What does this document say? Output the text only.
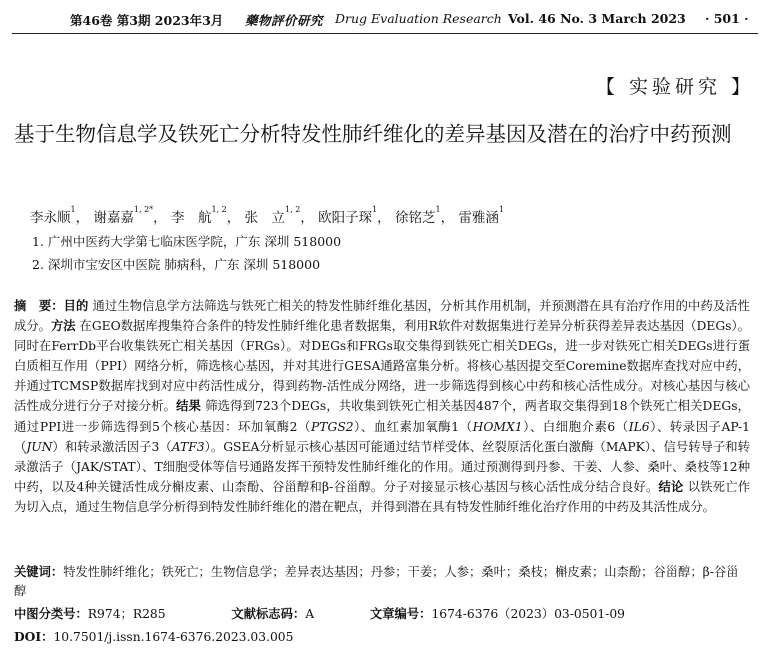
第46卷 第3期 2023年3月 藥物評价研究 Drug Evaluation Research Vol. 46 No. 3 March 2023 · 501 ·
【 实验研究 】
基于生物信息学及铁死亡分析特发性肺纤维化的差异基因及潜在的治疗中药预测
李永顺$^1$， 谢嘉嘉$^{1, 2*}$， 李　航$^{1, 2}$， 张　立$^{1, 2}$， 欧阳子琛$^1$， 徐铭芝$^1$， 雷雅涵$^1$
1. 广州中医药大学第七临床医学院，广东 深圳 518000
2. 深圳市宝安区中医院 肺病科，广东 深圳 518000
摘　要：目的 通过生物信息学方法筛选与铁死亡相关的特发性肺纤维化基因，分析其作用机制，并预测潜在具有治疗作用的中药及活性成分。方法 在GEO数据库搜集符合条件的特发性肺纤维化患者数据集，利用R软件对数据集进行差异分析获得差异表达基因（DEGs）。同时在FerrDb平台收集铁死亡相关基因（FRGs）。对DEGs和FRGs取交集得到铁死亡相关DEGs，进一步对铁死亡相关DEGs进行蛋白质相互作用（PPI）网络分析，筛选核心基因，并对其进行GESA通路富集分析。将核心基因提交至Coremine数据库查找对应中药，并通过TCMSP数据库找到对应中药活性成分，得到药物-活性成分网络，进一步筛选得到核心中药和核心活性成分。对核心基因与核心活性成分进行分子对接分析。结果 筛选得到723个DEGs，共收集到铁死亡相关基因487个，两者取交集得到18个铁死亡相关DEGs，通过PPI进一步筛选得到5个核心基因：环加氧酶2（PTGS2）、血红素加氧酶1（HOMX1）、白细胞介素6（IL6）、转录因子AP-1（JUN）和转录激活因子3（ATF3）。GSEA分析显示核心基因可能通过结节样受体、丝裂原活化蛋白激酶（MAPK）、信号转导子和转录激活子（JAK/STAT）、T细胞受体等信号通路发挥干预特发性肺纤维化的作用。通过预测得到丹参、干姜、人参、桑叶、桑枝等12种中药，以及4种关键活性成分槲皮素、山柰酚、谷甾醇和β-谷甾醇。分子对接显示核心基因与核心活性成分结合良好。结论 以铁死亡作为切入点，通过生物信息学分析得到特发性肺纤维化的潜在靶点，并得到潜在具有特发性肺纤维化治疗作用的中药及其活性成分。
关键词：特发性肺纤维化；铁死亡；生物信息学；差异表达基因；丹参；干姜；人参；桑叶；桑枝；槲皮素；山柰酚；谷甾醇；β-谷甾醇
中图分类号：R974；R285	文献标志码：A	文章编号：1674-6376（2023）03-0501-09
DOI：10.7501/j.issn.1674-6376.2023.03.005
